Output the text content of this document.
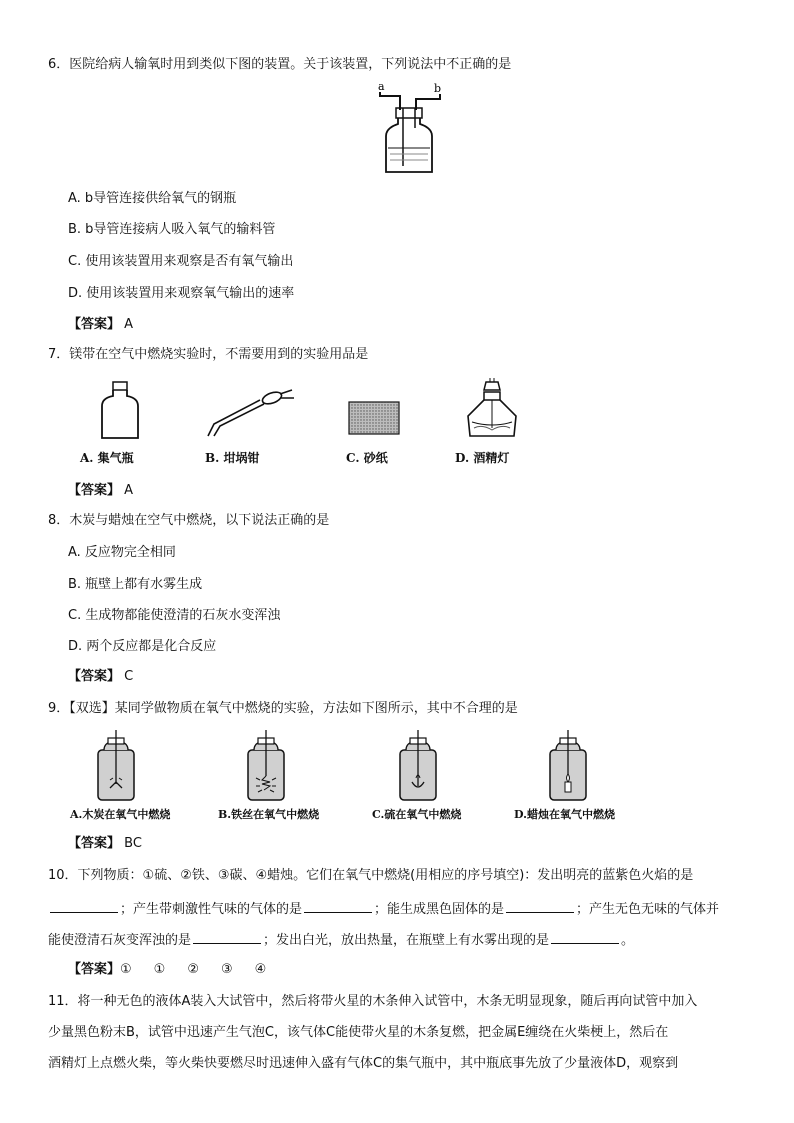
6．医院给病人输氧时用到类似下图的装置。关于该装置，下列说法中不正确的是
a	b
A. b导管连接供给氧气的钢瓶
B. b导管连接病人吸入氧气的输料管
C. 使用该装置用来观察是否有氧气输出
D. 使用该装置用来观察氧气输出的速率
【答案】 A
7．镁带在空气中燃烧实验时，不需要用到的实验用品是
A. 集气瓶	B. 坩埚钳	C. 砂纸	D. 酒精灯
【答案】 A
8．木炭与蜡烛在空气中燃烧，以下说法正确的是
A. 反应物完全相同
B. 瓶壁上都有水雾生成
C. 生成物都能使澄清的石灰水变浑浊
D. 两个反应都是化合反应
【答案】 C
9．【双选】某同学做物质在氧气中燃烧的实验，方法如下图所示，其中不合理的是
A.木炭在氧气中燃烧	B.铁丝在氧气中燃烧	C.硫在氧气中燃烧	D.蜡烛在氧气中燃烧
【答案】 BC
10．下列物质：①硫、②铁、③碳、④蜡烛。它们在氧气中燃烧(用相应的序号填空)：发出明亮的蓝紫色火焰的是
；产生带刺激性气味的气体的是	；能生成黑色固体的是	；产生无色无味的气体并
能使澄清石灰变浑浊的是	；发出白光，放出热量，在瓶壁上有水雾出现的是	。
【答案】① ① ② ③ ④
11．将一种无色的液体A装入大试管中，然后将带火星的木条伸入试管中，木条无明显现象，随后再向试管中加入
少量黑色粉末B，试管中迅速产生气泡C，该气体C能使带火星的木条复燃，把金属E缠绕在火柴梗上，然后在
酒精灯上点燃火柴，等火柴快要燃尽时迅速伸入盛有气体C的集气瓶中，其中瓶底事先放了少量液体D，观察到
